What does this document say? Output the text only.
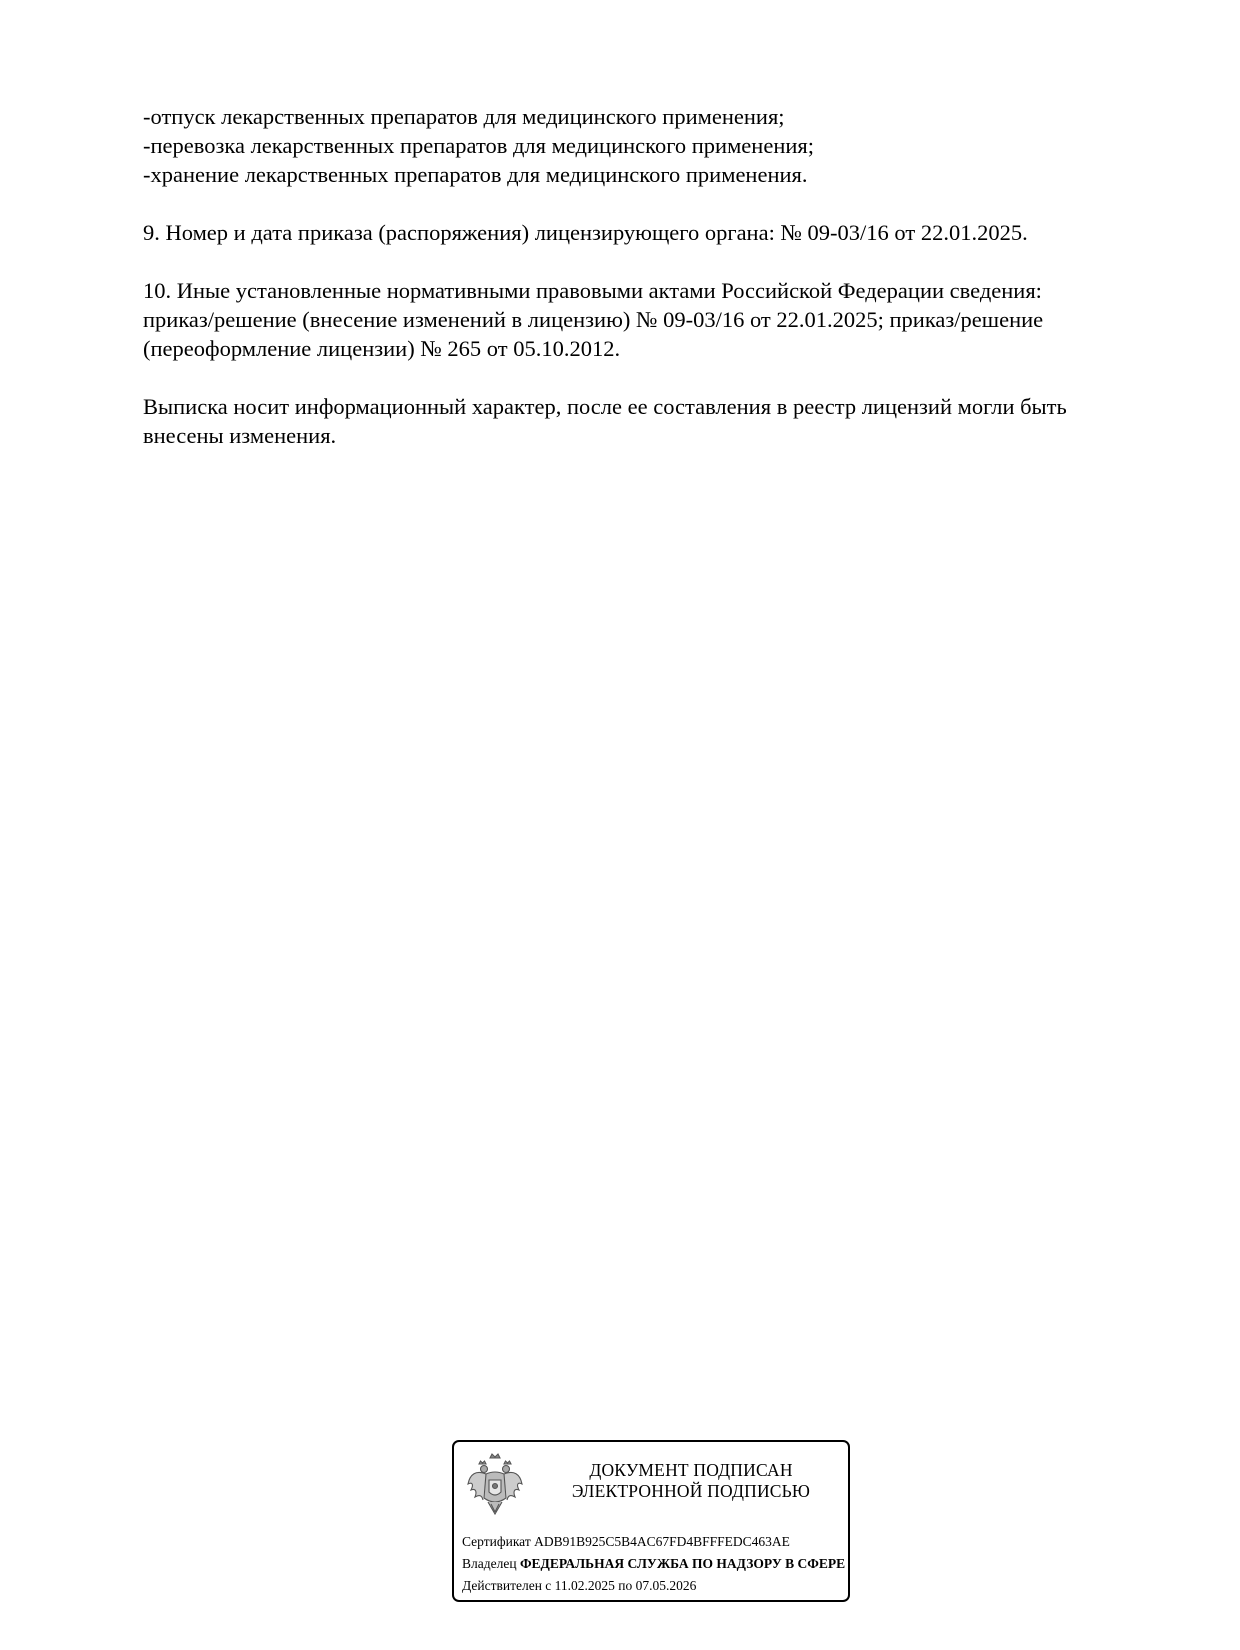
-отпуск лекарственных препаратов для медицинского применения;
-перевозка лекарственных препаратов для медицинского применения;
-хранение лекарственных препаратов для медицинского применения.
9. Номер и дата приказа (распоряжения) лицензирующего органа: № 09-03/16 от 22.01.2025.
10. Иные установленные нормативными правовыми актами Российской Федерации сведения:
приказ/решение (внесение изменений в лицензию) № 09-03/16 от 22.01.2025; приказ/решение
(переоформление лицензии) № 265 от 05.10.2012.
Выписка носит информационный характер, после ее составления в реестр лицензий могли быть
внесены изменения.
ДОКУМЕНТ ПОДПИСАН
ЭЛЕКТРОННОЙ ПОДПИСЬЮ
Сертификат ADB91B925C5B4AC67FD4BFFFEDC463AE
Владелец ФЕДЕРАЛЬНАЯ СЛУЖБА ПО НАДЗОРУ В СФЕРЕ
Действителен с 11.02.2025 по 07.05.2026
